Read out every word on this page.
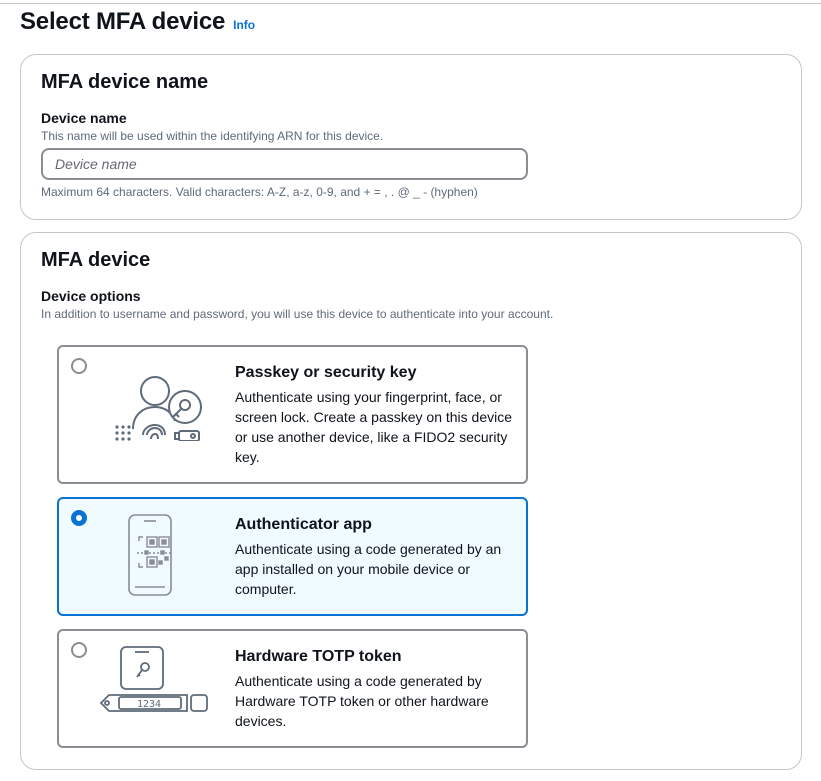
Select MFA device Info
MFA device name
Device name
This name will be used within the identifying ARN for this device.
Device name
Maximum 64 characters. Valid characters: A-Z, a-z, 0-9, and + = , . @ _ - (hyphen)
MFA device
Device options
In addition to username and password, you will use this device to authenticate into your account.
Passkey or security key
Authenticate using your fingerprint, face, or screen lock. Create a passkey on this device or use another device, like a FIDO2 security key.
Authenticator app
Authenticate using a code generated by an app installed on your mobile device or computer.
1234
Hardware TOTP token
Authenticate using a code generated by Hardware TOTP token or other hardware devices.
